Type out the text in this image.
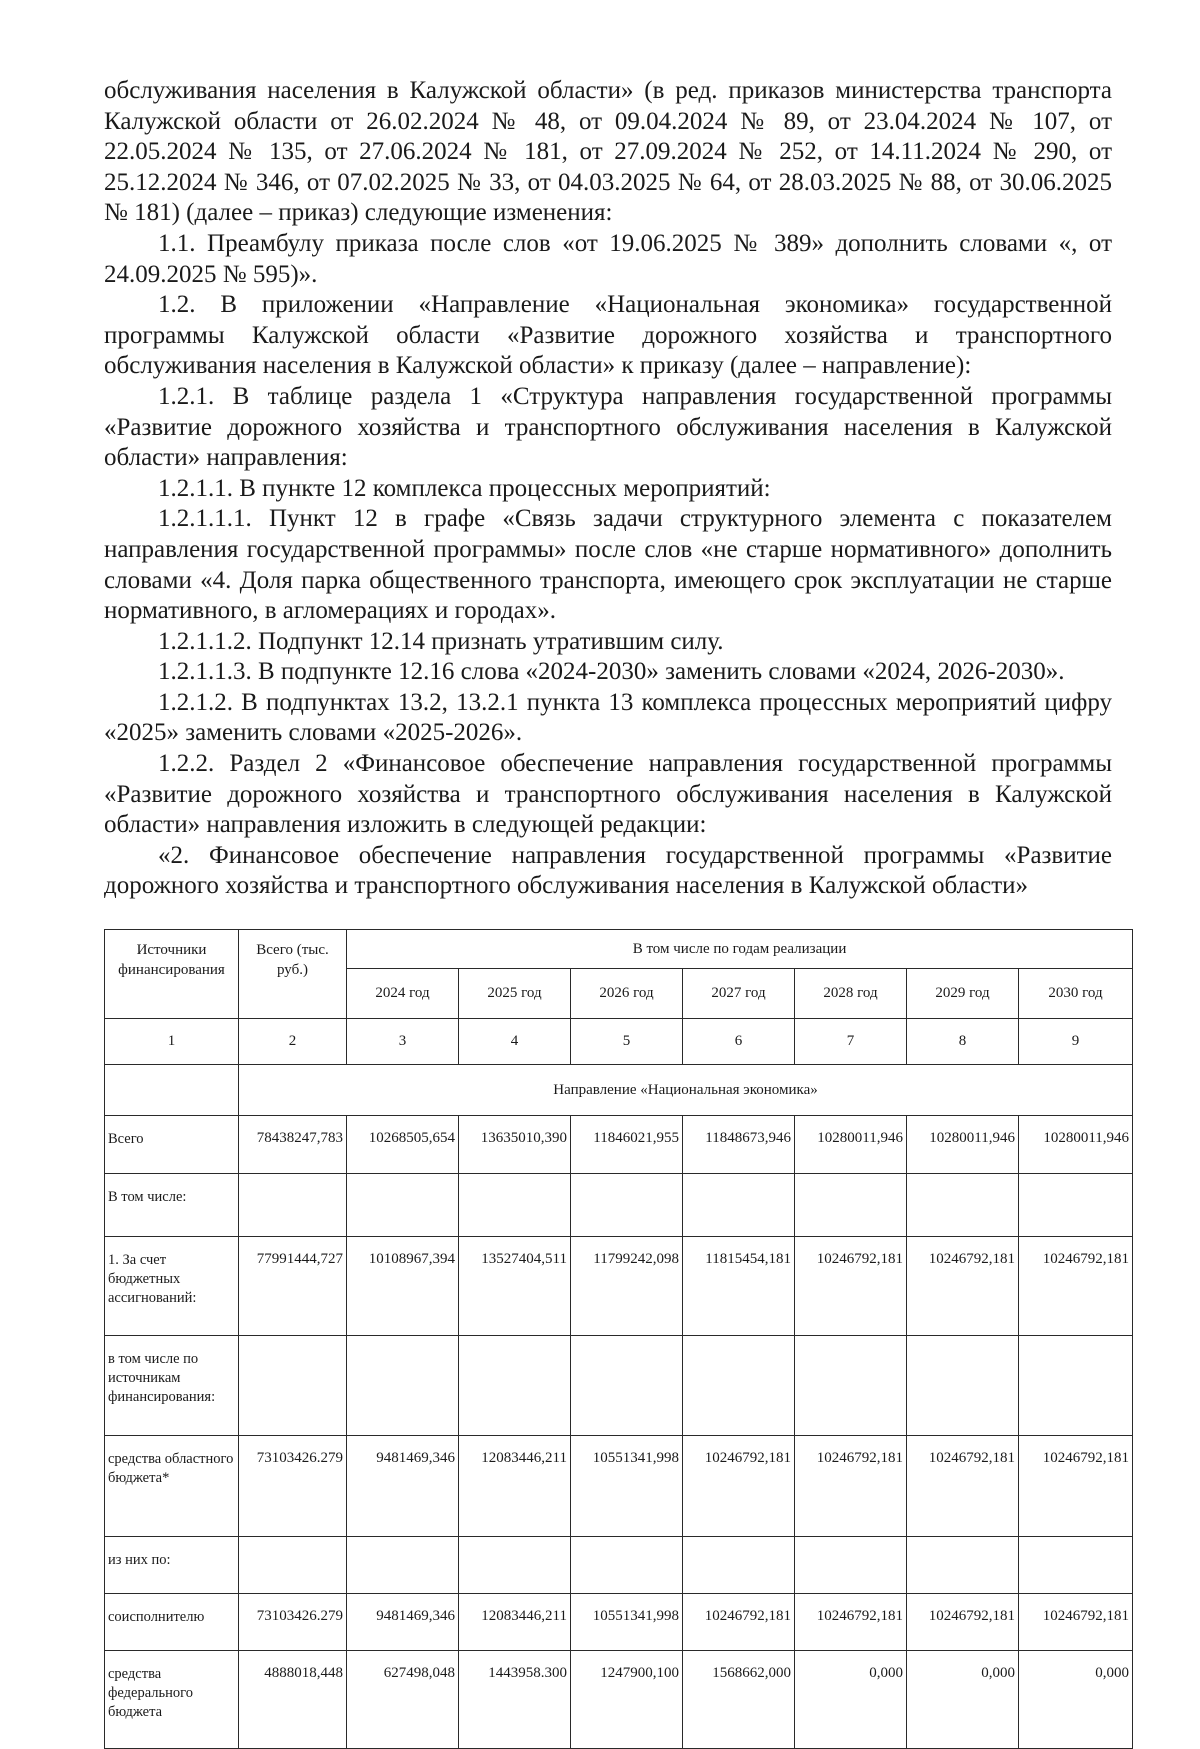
обслуживания населения в Калужской области» (в ред. приказов министерства транспорта Калужской области от 26.02.2024 № 48, от 09.04.2024 № 89, от 23.04.2024 № 107, от 22.05.2024 № 135, от 27.06.2024 № 181, от 27.09.2024 № 252, от 14.11.2024 № 290, от 25.12.2024 № 346, от 07.02.2025 № 33, от 04.03.2025 № 64, от 28.03.2025 № 88, от 30.06.2025 № 181) (далее – приказ) следующие изменения:

1.1. Преамбулу приказа после слов «от 19.06.2025 № 389» дополнить словами «, от 24.09.2025 № 595)».

1.2. В приложении «Направление «Национальная экономика» государственной программы Калужской области «Развитие дорожного хозяйства и транспортного обслуживания населения в Калужской области» к приказу (далее – направление):

1.2.1. В таблице раздела 1 «Структура направления государственной программы «Развитие дорожного хозяйства и транспортного обслуживания населения в Калужской области» направления:

1.2.1.1. В пункте 12 комплекса процессных мероприятий:

1.2.1.1.1. Пункт 12 в графе «Связь задачи структурного элемента с показателем направления государственной программы» после слов «не старше нормативного» дополнить словами «4. Доля парка общественного транспорта, имеющего срок эксплуатации не старше нормативного, в агломерациях и городах».

1.2.1.1.2. Подпункт 12.14 признать утратившим силу.

1.2.1.1.3. В подпункте 12.16 слова «2024-2030» заменить словами «2024, 2026-2030».

1.2.1.2. В подпунктах 13.2, 13.2.1 пункта 13 комплекса процессных мероприятий цифру «2025» заменить словами «2025-2026».

1.2.2. Раздел 2 «Финансовое обеспечение направления государственной программы «Развитие дорожного хозяйства и транспортного обслуживания населения в Калужской области» направления изложить в следующей редакции:

«2. Финансовое обеспечение направления государственной программы «Развитие дорожного хозяйства и транспортного обслуживания населения в Калужской области»

Источники финансирования	Всего (тыс. руб.)	В том числе по годам реализации						
		2024 год	2025 год	2026 год	2027 год	2028 год	2029 год	2030 год
1	2	3	4	5	6	7	8	9
	Направление «Национальная экономика»							
Всего	78438247,783	10268505,654	13635010,390	11846021,955	11848673,946	10280011,946	10280011,946	10280011,946
В том числе:								
1. За счет бюджетных ассигнований:	77991444,727	10108967,394	13527404,511	11799242,098	11815454,181	10246792,181	10246792,181	10246792,181
в том числе по источникам финансирования:								
средства областного бюджета*	73103426.279	9481469,346	12083446,211	10551341,998	10246792,181	10246792,181	10246792,181	10246792,181
из них по:								
соисполнителю	73103426.279	9481469,346	12083446,211	10551341,998	10246792,181	10246792,181	10246792,181	10246792,181
средства федерального бюджета	4888018,448	627498,048	1443958.300	1247900,100	1568662,000	0,000	0,000	0,000
